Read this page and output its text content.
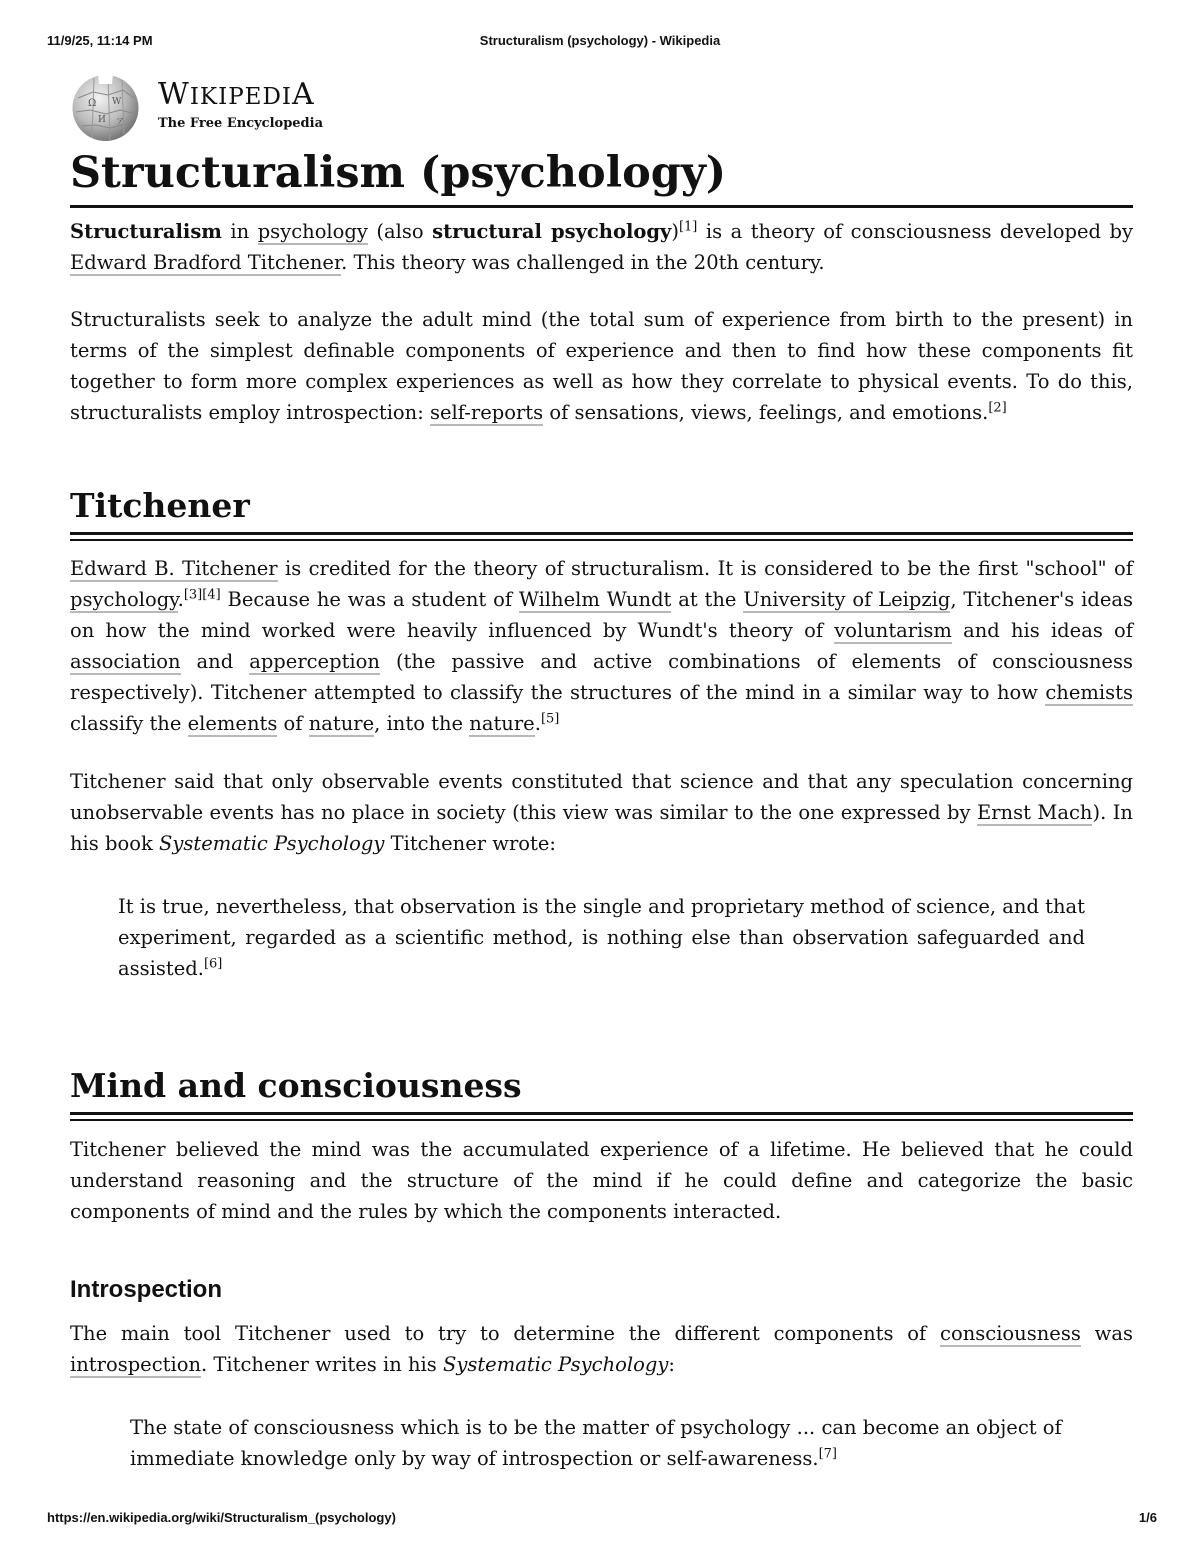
11/9/25, 11:14 PM	Structuralism (psychology) - Wikipedia
Ω W
И ア
WIKIPEDIA
The Free Encyclopedia
Structuralism (psychology)

Structuralism in psychology (also structural psychology)[1] is a theory of consciousness developed by Edward Bradford Titchener. This theory was challenged in the 20th century.

Structuralists seek to analyze the adult mind (the total sum of experience from birth to the present) in terms of the simplest definable components of experience and then to find how these components fit together to form more complex experiences as well as how they correlate to physical events. To do this, structuralists employ introspection: self-reports of sensations, views, feelings, and emotions.[2]

Titchener

Edward B. Titchener is credited for the theory of structuralism. It is considered to be the first "school" of psychology.[3][4] Because he was a student of Wilhelm Wundt at the University of Leipzig, Titchener's ideas on how the mind worked were heavily influenced by Wundt's theory of voluntarism and his ideas of association and apperception (the passive and active combinations of elements of consciousness respectively). Titchener attempted to classify the structures of the mind in a similar way to how chemists classify the elements of nature, into the nature.[5]

Titchener said that only observable events constituted that science and that any speculation concerning unobservable events has no place in society (this view was similar to the one expressed by Ernst Mach). In his book Systematic Psychology Titchener wrote:

It is true, nevertheless, that observation is the single and proprietary method of science, and that experiment, regarded as a scientific method, is nothing else than observation safeguarded and assisted.[6]

Mind and consciousness

Titchener believed the mind was the accumulated experience of a lifetime. He believed that he could understand reasoning and the structure of the mind if he could define and categorize the basic components of mind and the rules by which the components interacted.

Introspection

The main tool Titchener used to try to determine the different components of consciousness was introspection. Titchener writes in his Systematic Psychology:

The state of consciousness which is to be the matter of psychology ... can become an object of immediate knowledge only by way of introspection or self-awareness.[7]

https://en.wikipedia.org/wiki/Structuralism_(psychology)	1/6
